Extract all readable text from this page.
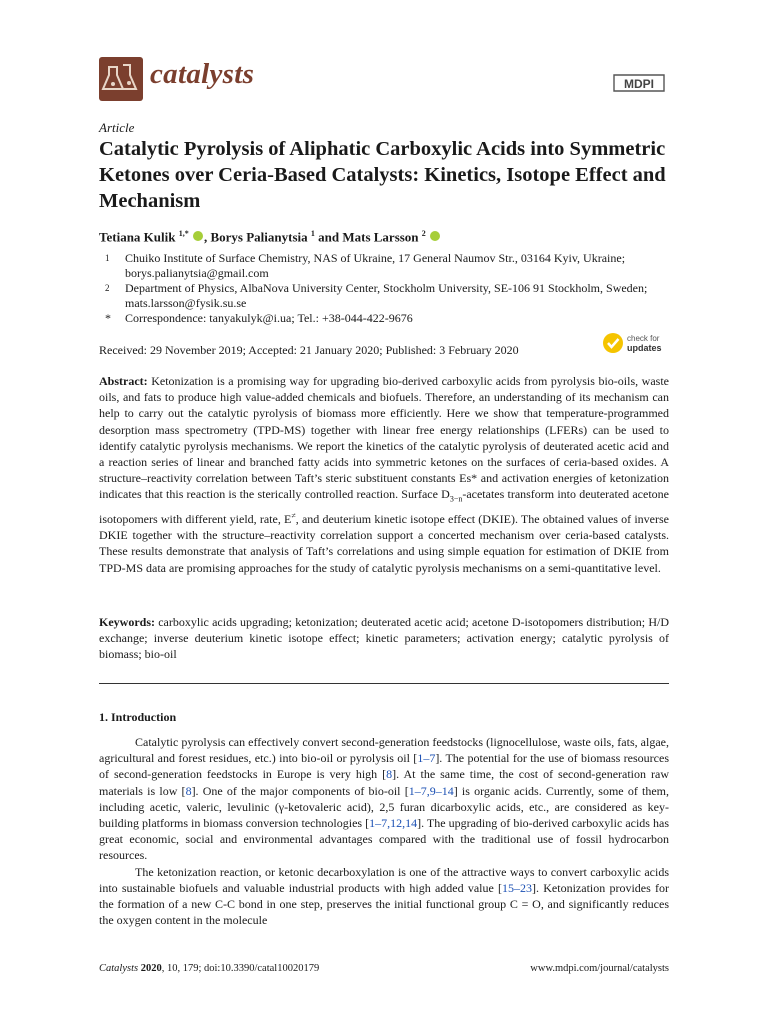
catalysts	MDPI
Article
Catalytic Pyrolysis of Aliphatic Carboxylic Acids into Symmetric Ketones over Ceria-Based Catalysts: Kinetics, Isotope Effect and Mechanism
Tetiana Kulik $^{1,*}$ , Borys Palianytsia $^1$ and Mats Larsson $^2$
1 Chuiko Institute of Surface Chemistry, NAS of Ukraine, 17 General Naumov Str., 03164 Kyiv, Ukraine;
borys.palianytsia@gmail.com
2 Department of Physics, AlbaNova University Center, Stockholm University, SE-106 91 Stockholm, Sweden;
mats.larsson@fysik.su.se
* Correspondence: tanyakulyk@i.ua; Tel.: +38-044-422-9676
check for
updates
Received: 29 November 2019; Accepted: 21 January 2020; Published: 3 February 2020
Abstract: Ketonization is a promising way for upgrading bio-derived carboxylic acids from pyrolysis bio-oils, waste oils, and fats to produce high value-added chemicals and biofuels. Therefore, an understanding of its mechanism can help to carry out the catalytic pyrolysis of biomass more efficiently. Here we show that temperature-programmed desorption mass spectrometry (TPD-MS) together with linear free energy relationships (LFERs) can be used to identify catalytic pyrolysis mechanisms. We report the kinetics of the catalytic pyrolysis of deuterated acetic acid and a reaction series of linear and branched fatty acids into symmetric ketones on the surfaces of ceria-based oxides. A structure–reactivity correlation between Taft’s steric substituent constants Es* and activation energies of ketonization indicates that this reaction is the sterically controlled reaction. Surface $D_{3-n}$-acetates transform into deuterated acetone isotopomers with different yield, rate, E≠, and deuterium kinetic isotope effect (DKIE). The obtained values of inverse DKIE together with the structure–reactivity correlation support a concerted mechanism over ceria-based catalysts. These results demonstrate that analysis of Taft’s correlations and using simple equation for estimation of DKIE from TPD-MS data are promising approaches for the study of catalytic pyrolysis mechanisms on a semi-quantitative level.
Keywords: carboxylic acids upgrading; ketonization; deuterated acetic acid; acetone D-isotopomers distribution; H/D exchange; inverse deuterium kinetic isotope effect; kinetic parameters; activation energy; catalytic pyrolysis of biomass; bio-oil
1. Introduction

Catalytic pyrolysis can effectively convert second-generation feedstocks (lignocellulose, waste oils, fats, algae, agricultural and forest residues, etc.) into bio-oil or pyrolysis oil [1–7]. The potential for the use of biomass resources of second-generation feedstocks in Europe is very high [8]. At the same time, the cost of second-generation raw materials is low [8]. One of the major components of bio-oil [1–7,9–14] is organic acids. Currently, some of them, including acetic, valeric, levulinic (γ-ketovaleric acid), 2,5 furan dicarboxylic acids, etc., are considered as key-building platforms in biomass conversion technologies [1–7,12,14]. The upgrading of bio-derived carboxylic acids has great economic, social and environmental advantages compared with the traditional use of fossil hydrocarbon resources.

The ketonization reaction, or ketonic decarboxylation is one of the attractive ways to convert carboxylic acids into sustainable biofuels and valuable industrial products with high added value [15–23]. Ketonization provides for the formation of a new C-C bond in one step, preserves the initial functional group C = O, and significantly reduces the oxygen content in the molecule

Catalysts 2020, 10, 179; doi:10.3390/catal10020179	www.mdpi.com/journal/catalysts
